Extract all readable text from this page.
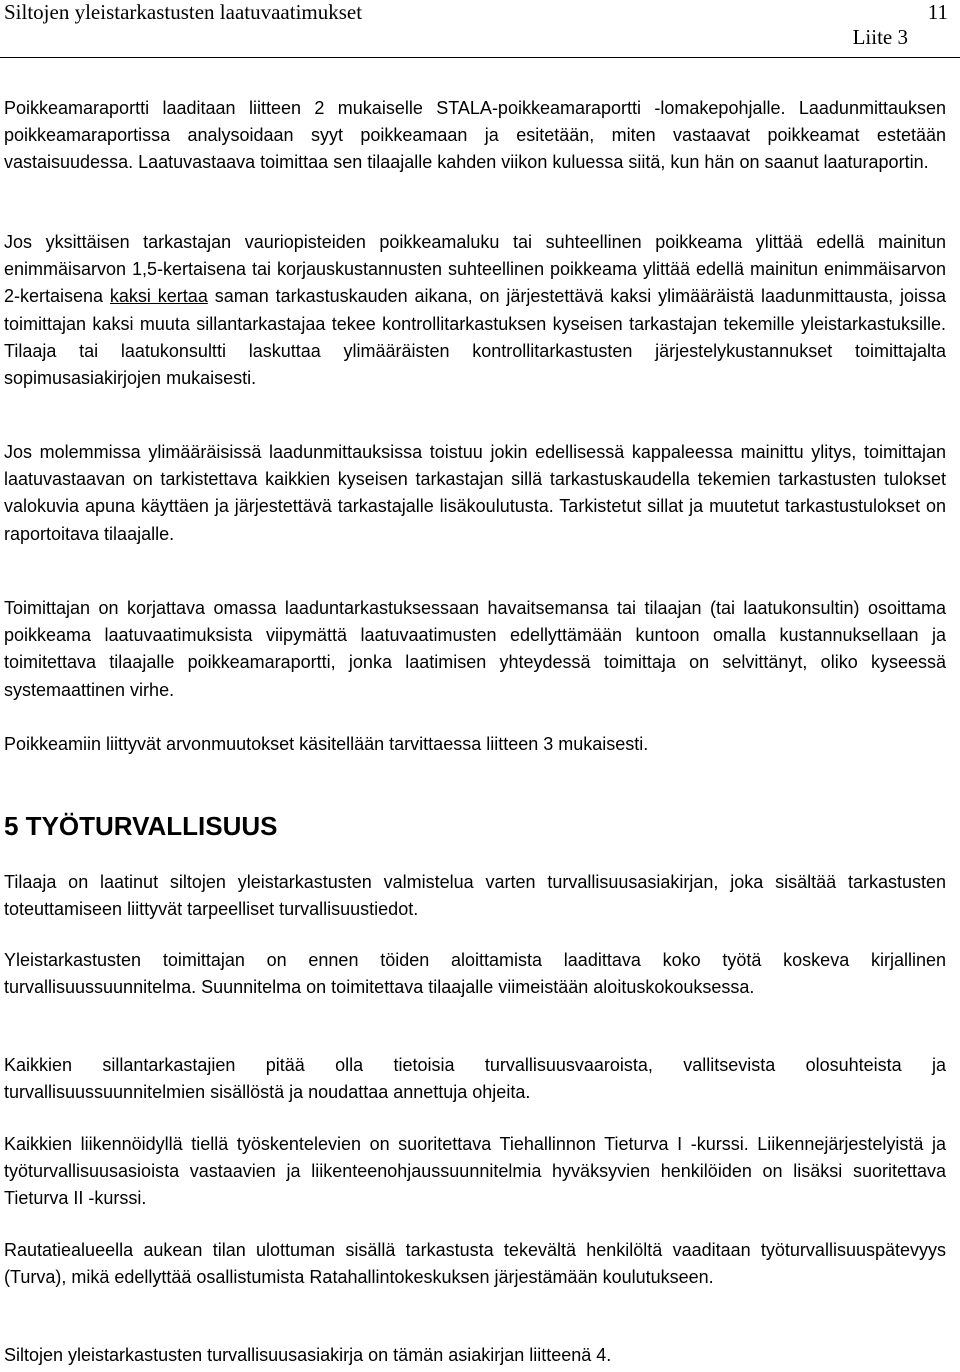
Siltojen yleistarkastusten laatuvaatimukset	11
Liite 3

Poikkeamaraportti laaditaan liitteen 2 mukaiselle STALA-poikkeamaraportti -lomakepohjalle. Laadunmittauksen poikkeamaraportissa analysoidaan syyt poikkeamaan ja esitetään, miten vastaavat poikkeamat estetään vastaisuudessa. Laatuvastaava toimittaa sen tilaajalle kahden viikon kuluessa siitä, kun hän on saanut laaturaportin.

Jos yksittäisen tarkastajan vauriopisteiden poikkeamaluku tai suhteellinen poikkeama ylittää edellä mainitun enimmäisarvon 1,5-kertaisena tai korjauskustannusten suhteellinen poikkeama ylittää edellä mainitun enimmäisarvon 2-kertaisena kaksi kertaa saman tarkastuskauden aikana, on järjestettävä kaksi ylimääräistä laadunmittausta, joissa toimittajan kaksi muuta sillantarkastajaa tekee kontrollitarkastuksen kyseisen tarkastajan tekemille yleistarkastuksille. Tilaaja tai laatukonsultti laskuttaa ylimääräisten kontrollitarkastusten järjestelykustannukset toimittajalta sopimusasiakirjojen mukaisesti.

Jos molemmissa ylimääräisissä laadunmittauksissa toistuu jokin edellisessä kappaleessa mainittu ylitys, toimittajan laatuvastaavan on tarkistettava kaikkien kyseisen tarkastajan sillä tarkastuskaudella tekemien tarkastusten tulokset valokuvia apuna käyttäen ja järjestettävä tarkastajalle lisäkoulutusta. Tarkistetut sillat ja muutetut tarkastustulokset on raportoitava tilaajalle.

Toimittajan on korjattava omassa laaduntarkastuksessaan havaitsemansa tai tilaajan (tai laatukonsultin) osoittama poikkeama laatuvaatimuksista viipymättä laatuvaatimusten edellyttämään kuntoon omalla kustannuksellaan ja toimitettava tilaajalle poikkeamaraportti, jonka laatimisen yhteydessä toimittaja on selvittänyt, oliko kyseessä systemaattinen virhe.

Poikkeamiin liittyvät arvonmuutokset käsitellään tarvittaessa liitteen 3 mukaisesti.

5 TYÖTURVALLISUUS

Tilaaja on laatinut siltojen yleistarkastusten valmistelua varten turvallisuusasiakirjan, joka sisältää tarkastusten toteuttamiseen liittyvät tarpeelliset turvallisuustiedot.

Yleistarkastusten toimittajan on ennen töiden aloittamista laadittava koko työtä koskeva kirjallinen turvallisuussuunnitelma. Suunnitelma on toimitettava tilaajalle viimeistään aloituskokouksessa.

Kaikkien sillantarkastajien pitää olla tietoisia turvallisuusvaaroista, vallitsevista olosuhteista ja turvallisuussuunnitelmien sisällöstä ja noudattaa annettuja ohjeita.

Kaikkien liikennöidyllä tiellä työskentelevien on suoritettava Tiehallinnon Tieturva I -kurssi. Liikennejärjestelyistä ja työturvallisuusasioista vastaavien ja liikenteenohjaussuunnitelmia hyväksyvien henkilöiden on lisäksi suoritettava Tieturva II -kurssi.

Rautatiealueella aukean tilan ulottuman sisällä tarkastusta tekevältä henkilöltä vaaditaan työturvallisuuspätevyys (Turva), mikä edellyttää osallistumista Ratahallintokeskuksen järjestämään koulutukseen.

Siltojen yleistarkastusten turvallisuusasiakirja on tämän asiakirjan liitteenä 4.
